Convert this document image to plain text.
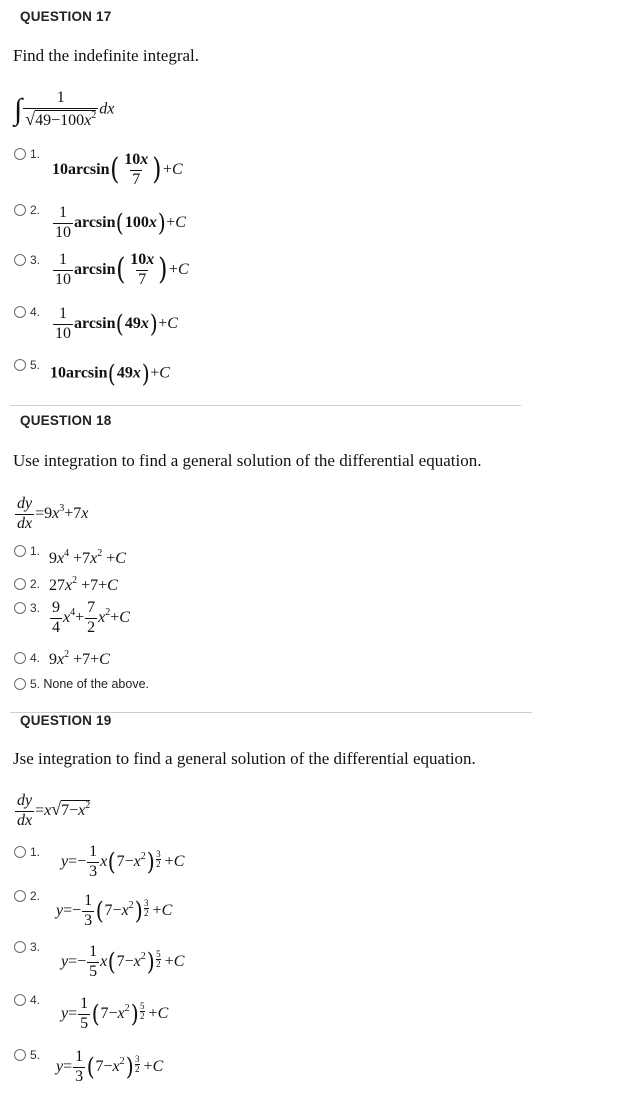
QUESTION 17
Find the indefinite integral.
∫ $\frac{1}{√49-100x^2}$ dx
1.
$10\arcsin( \frac{10x}{7} )+C$
2. $\frac{1}{10} \arcsin(100x)+C$
3. $\frac{1}{10} \arcsin( \frac{10x}{7} )+C$
4. $\frac{1}{10} \arcsin(49x)+C$
5. 10arcsin(49x)+C
QUESTION 18
Use integration to find a general solution of the differential equation.
$\frac{dy}{dx} =9x^3+7x$
1. $9x^4 +7x^2 +C$
2. $27x^2 +7+C$
3. $\frac{9}{4} x^4+ \frac{7}{2} x^2+C$
4. $9x^2 +7+C$
5. None of the above.
QUESTION 19
Jse integration to find a general solution of the differential equation.
$\frac{dy}{dx} =x√7-x^2$
1.
$y=- \frac{1}{3} x(7-x^2) \frac{3}{2} +C$
2.
$y=- \frac{1}{3} (7-x^2) \frac{3}{2} +C$
3.
$y=- \frac{1}{5} x(7-x^2) \frac{5}{2} +C$
4.
$y= \frac{1}{5} (7-x^2) \frac{5}{2} +C$
5.
$y= \frac{1}{3} (7-x^2) \frac{3}{2} +C$
